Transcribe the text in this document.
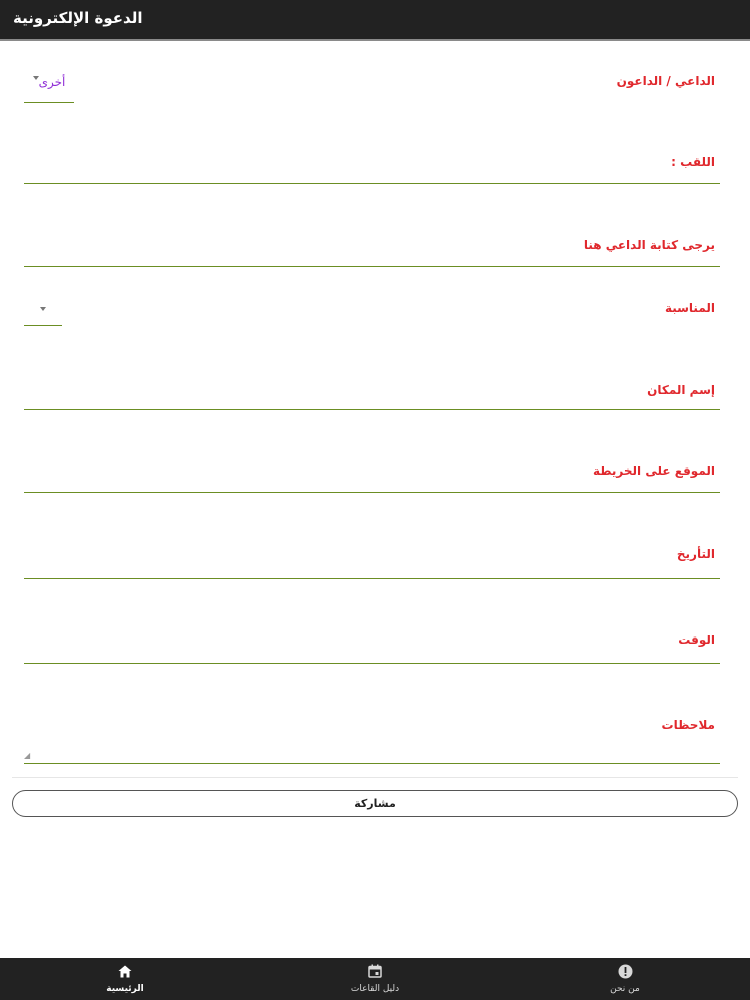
الدعوة الإلكترونية
الداعي / الداعون
أخرى
اللقب :
يرجى كتابة الداعي هنا
المناسبة
إسم المكان
الموقع على الخريطة
التأريخ
الوقت
ملاحظات
◢
مشاركة
الرئيسية	دليل القاعات	من نحن
